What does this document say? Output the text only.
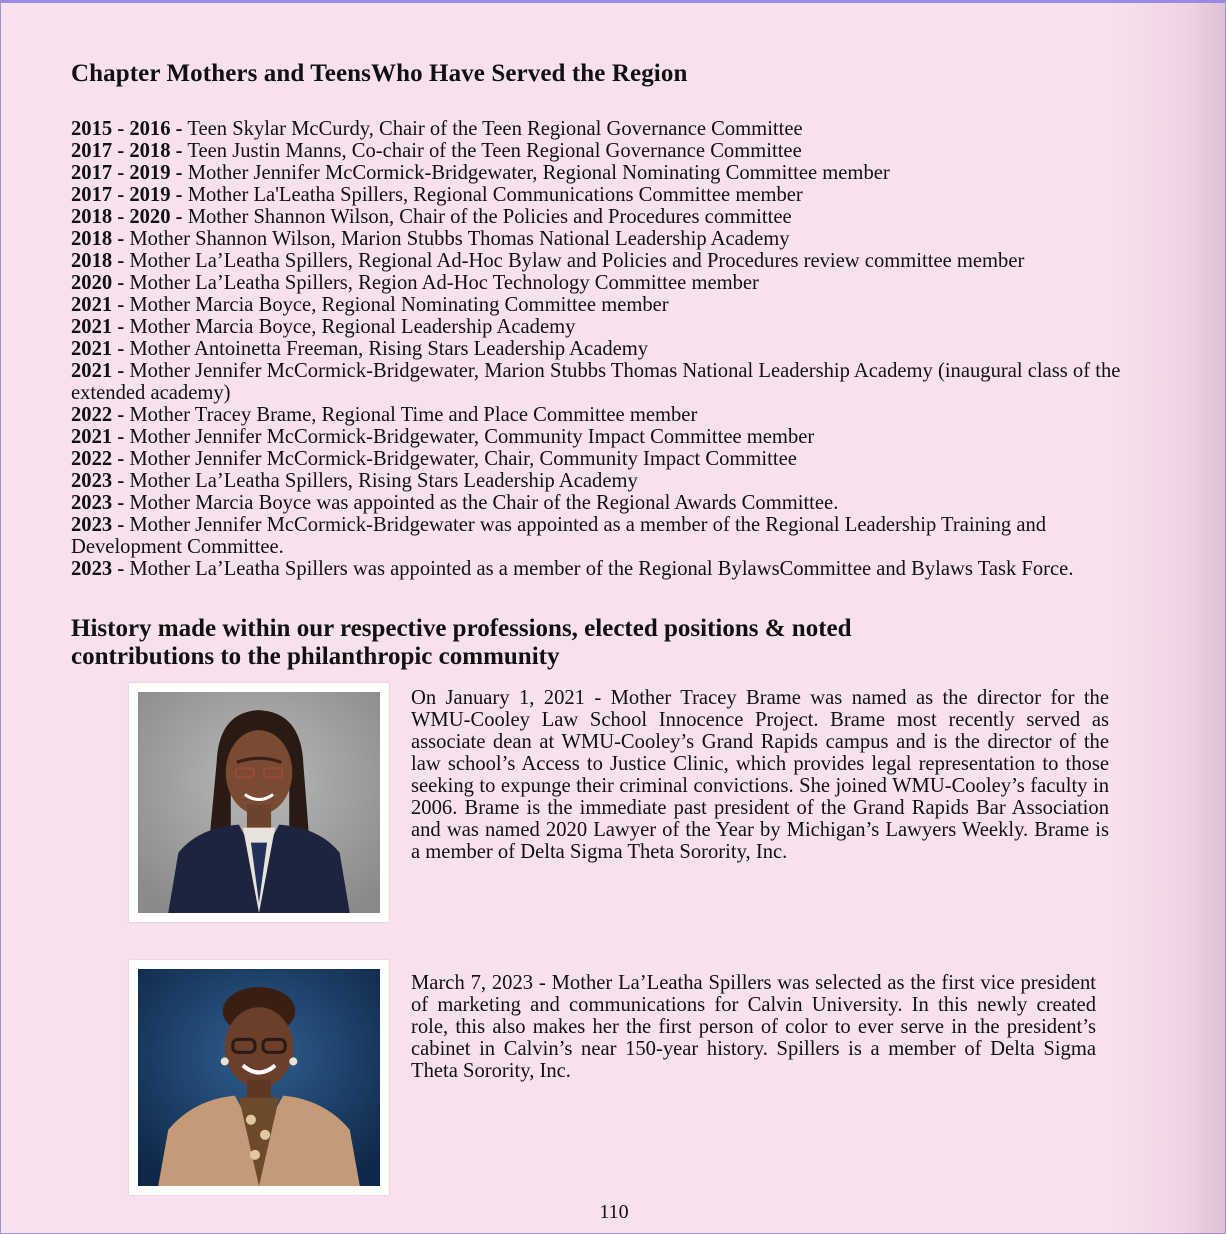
Chapter Mothers and TeensWho Have Served the Region
2015 - 2016 - Teen Skylar McCurdy, Chair of the Teen Regional Governance Committee
2017 - 2018 - Teen Justin Manns, Co-chair of the Teen Regional Governance Committee
2017 - 2019 - Mother Jennifer McCormick-Bridgewater, Regional Nominating Committee member
2017 - 2019 - Mother La'Leatha Spillers, Regional Communications Committee member
2018 - 2020 - Mother Shannon Wilson, Chair of the Policies and Procedures committee
2018 - Mother Shannon Wilson, Marion Stubbs Thomas National Leadership Academy
2018 - Mother La’Leatha Spillers, Regional Ad-Hoc Bylaw and Policies and Procedures review committee member
2020 - Mother La’Leatha Spillers, Region Ad-Hoc Technology Committee member
2021 - Mother Marcia Boyce, Regional Nominating Committee member
2021 - Mother Marcia Boyce, Regional Leadership Academy
2021 - Mother Antoinetta Freeman, Rising Stars Leadership Academy
2021 - Mother Jennifer McCormick-Bridgewater, Marion Stubbs Thomas National Leadership Academy (inaugural class of the extended academy)
2022 - Mother Tracey Brame, Regional Time and Place Committee member
2021 - Mother Jennifer McCormick-Bridgewater, Community Impact Committee member
2022 - Mother Jennifer McCormick-Bridgewater, Chair, Community Impact Committee
2023 - Mother La’Leatha Spillers, Rising Stars Leadership Academy
2023 - Mother Marcia Boyce was appointed as the Chair of the Regional Awards Committee.
2023 - Mother Jennifer McCormick-Bridgewater was appointed as a member of the Regional Leadership Training and Development Committee.
2023 - Mother La’Leatha Spillers was appointed as a member of the Regional BylawsCommittee and Bylaws Task Force.
History made within our respective professions, elected positions & noted contributions to the philanthropic community

On January 1, 2021 - Mother Tracey Brame was named as the director for the WMU-Cooley Law School Innocence Project. Brame most recently served as associate dean at WMU-Cooley’s Grand Rapids campus and is the director of the law school’s Access to Justice Clinic, which provides legal representation to those seeking to expunge their criminal convictions. She joined WMU-Cooley’s faculty in 2006. Brame is the immediate past president of the Grand Rapids Bar Association and was named 2020 Lawyer of the Year by Michigan’s Lawyers Weekly. Brame is a member of Delta Sigma Theta Sorority, Inc.

March 7, 2023 - Mother La’Leatha Spillers was selected as the first vice president of marketing and communications for Calvin University. In this newly created role, this also makes her the first person of color to ever serve in the president’s cabinet in Calvin’s near 150-year history. Spillers is a member of Delta Sigma Theta Sorority, Inc.

110
